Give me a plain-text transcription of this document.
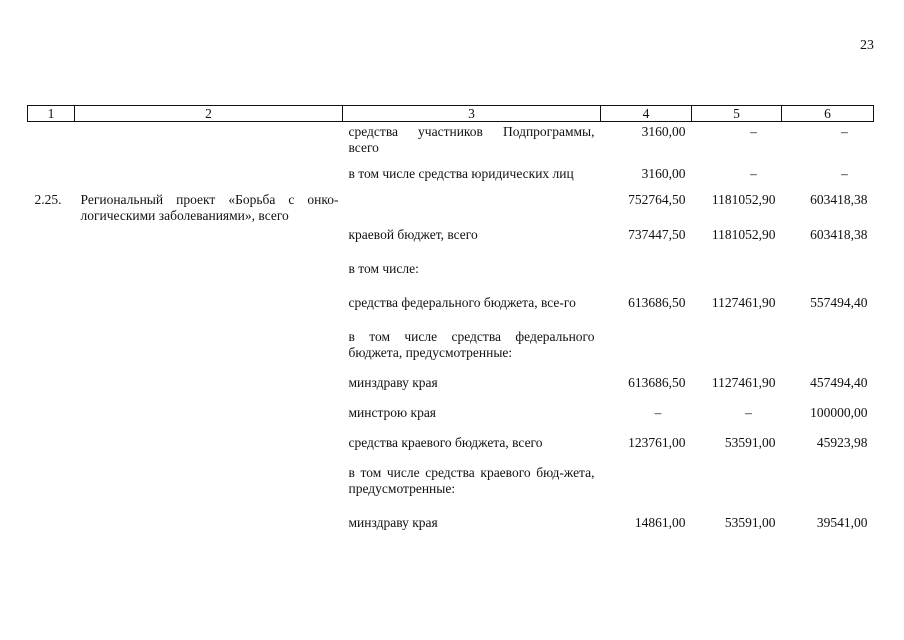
23
1	2	3	4	5	6
		средства участников Подпрограммы, всего	3160,00	–	–
		в том числе средства юридических лиц	3160,00	–	–
2.25.	Региональный проект «Борьба с онко-логическими заболеваниями», всего		752764,50	1181052,90	603418,38
		краевой бюджет, всего	737447,50	1181052,90	603418,38
		в том числе:			
		средства федерального бюджета, все-го	613686,50	1127461,90	557494,40
		в том числе средства федерального бюджета, предусмотренные:			
		минздраву края	613686,50	1127461,90	457494,40
		минстрою края	–	–	100000,00
		средства краевого бюджета, всего	123761,00	53591,00	45923,98
		в том числе средства краевого бюд-жета, предусмотренные:			
		минздраву края	14861,00	53591,00	39541,00
